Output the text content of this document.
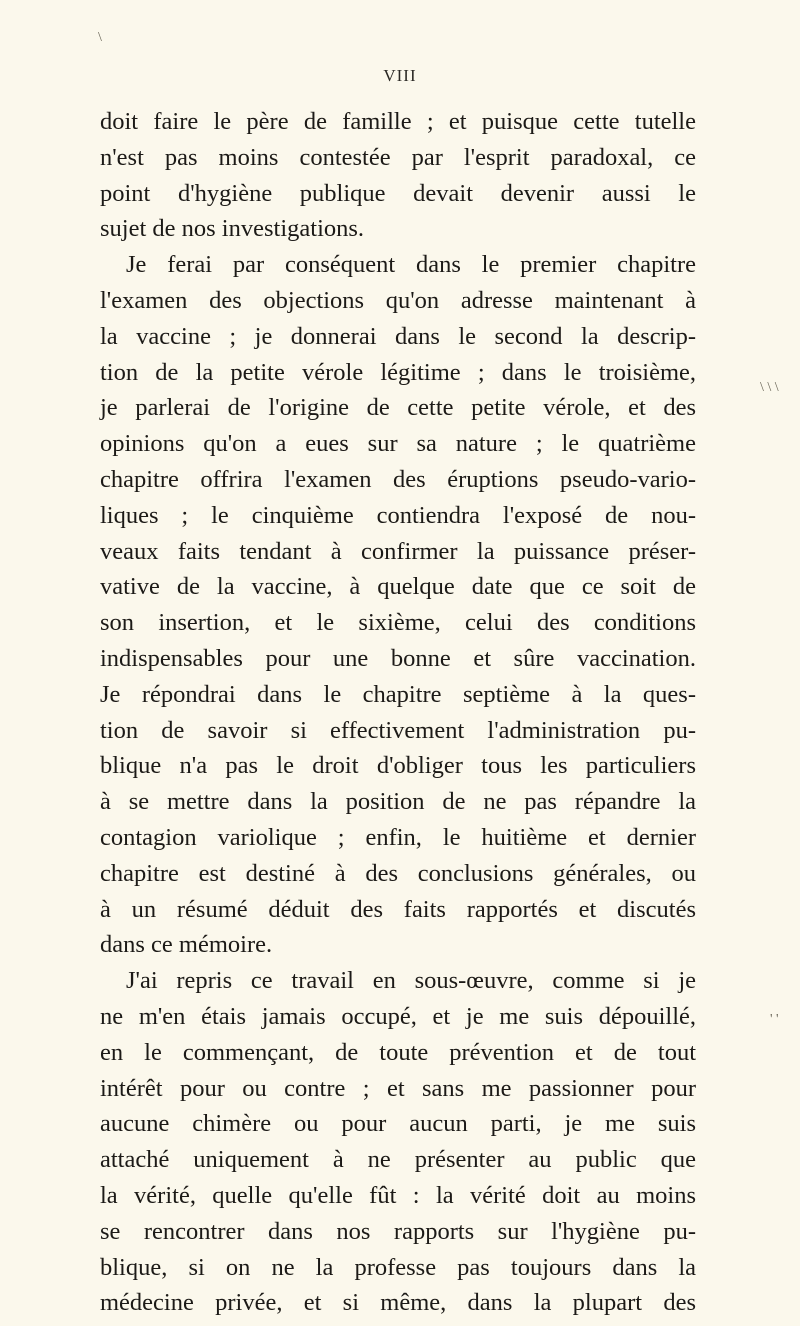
\
VIII
doit faire le père de famille ; et puisque cette tutelle
n'est pas moins contestée par l'esprit paradoxal, ce
point d'hygiène publique devait devenir aussi le
sujet de nos investigations.
Je ferai par conséquent dans le premier chapitre
l'examen des objections qu'on adresse maintenant à
la vaccine ; je donnerai dans le second la descrip-
tion de la petite vérole légitime ; dans le troisième,
je parlerai de l'origine de cette petite vérole, et des
opinions qu'on a eues sur sa nature ; le quatrième
chapitre offrira l'examen des éruptions pseudo-vario-
liques ; le cinquième contiendra l'exposé de nou-
veaux faits tendant à confirmer la puissance préser-
vative de la vaccine, à quelque date que ce soit de
son insertion, et le sixième, celui des conditions
indispensables pour une bonne et sûre vaccination.
Je répondrai dans le chapitre septième à la ques-
tion de savoir si effectivement l'administration pu-
blique n'a pas le droit d'obliger tous les particuliers
à se mettre dans la position de ne pas répandre la
contagion variolique ; enfin, le huitième et dernier
chapitre est destiné à des conclusions générales, ou
à un résumé déduit des faits rapportés et discutés
dans ce mémoire.
J'ai repris ce travail en sous-œuvre, comme si je
ne m'en étais jamais occupé, et je me suis dépouillé,
en le commençant, de toute prévention et de tout
intérêt pour ou contre ; et sans me passionner pour
aucune chimère ou pour aucun parti, je me suis
attaché uniquement à ne présenter au public que
la vérité, quelle qu'elle fût : la vérité doit au moins
se rencontrer dans nos rapports sur l'hygiène pu-
blique, si on ne la professe pas toujours dans la
médecine privée, et si même, dans la plupart des
\ \ \
' '
